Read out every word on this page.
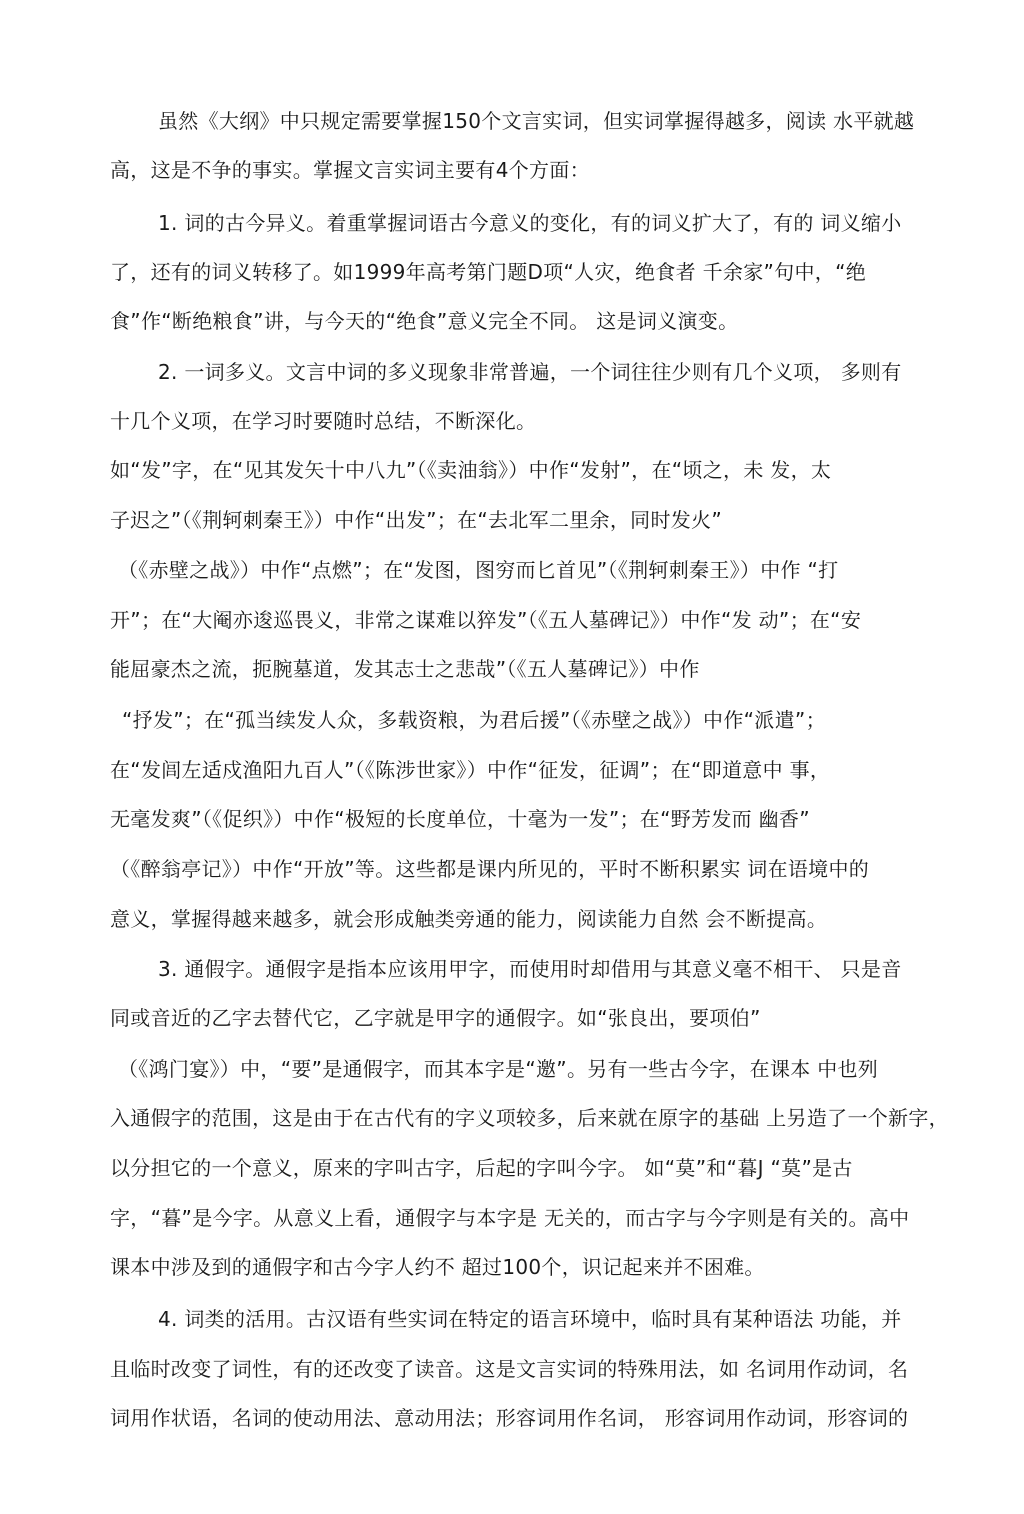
虽然《大纲》中只规定需要掌握150个文言实词，但实词掌握得越多，阅读 水平就越
高，这是不争的事实。掌握文言实词主要有4个方面：
1. 词的古今异义。着重掌握词语古今意义的变化，有的词义扩大了，有的 词义缩小
了，还有的词义转移了。如1999年高考第门题D项“人灾，绝食者 千余家”句中，“绝
食”作“断绝粮食”讲，与今天的“绝食”意义完全不同。 这是词义演变。
2. 一词多义。文言中词的多义现象非常普遍，一个词往往少则有几个义项， 多则有
十几个义项，在学习时要随时总结，不断深化。
如“发”字，在“见其发矢十中八九”（《卖油翁》）中作“发射”，在“顷之，未 发，太
子迟之”（《荆轲刺秦王》）中作“出发”；在“去北军二里余，同时发火”
（《赤壁之战》）中作“点燃”；在“发图，图穷而匕首见”（《荆轲刺秦王》）中作 “打
开”；在“大阉亦逡巡畏义，非常之谋难以猝发”（《五人墓碑记》）中作“发 动”；在“安
能屈豪杰之流，扼腕墓道，发其志士之悲哉”（《五人墓碑记》）中作
“抒发”；在“孤当续发人众，多载资粮，为君后援”（《赤壁之战》）中作“派遣”；
在“发闾左适戍渔阳九百人”（《陈涉世家》）中作“征发，征调”；在“即道意中 事，
无毫发爽”（《促织》）中作“极短的长度单位，十毫为一发”；在“野芳发而 幽香”
（《醉翁亭记》）中作“开放”等。这些都是课内所见的，平时不断积累实 词在语境中的
意义，掌握得越来越多，就会形成触类旁通的能力，阅读能力自然 会不断提高。
3. 通假字。通假字是指本应该用甲字，而使用时却借用与其意义毫不相干、 只是音
同或音近的乙字去替代它，乙字就是甲字的通假字。如“张良出，要项伯”
（《鸿门宴》）中，“要”是通假字，而其本字是“邀”。另有一些古今字，在课本 中也列
入通假字的范围，这是由于在古代有的字义项较多，后来就在原字的基础 上另造了一个新字，
以分担它的一个意义，原来的字叫古字，后起的字叫今字。 如“莫”和“暮J “莫”是古
字，“暮”是今字。从意义上看，通假字与本字是 无关的，而古字与今字则是有关的。高中
课本中涉及到的通假字和古今字人约不 超过100个，识记起来并不困难。
4. 词类的活用。古汉语有些实词在特定的语言环境中，临时具有某种语法 功能，并
且临时改变了词性，有的还改变了读音。这是文言实词的特殊用法，如 名词用作动词，名
词用作状语，名词的使动用法、意动用法；形容词用作名词， 形容词用作动词，形容词的
